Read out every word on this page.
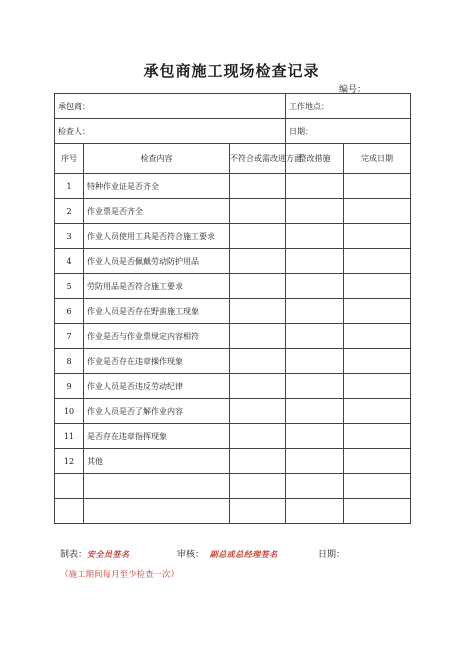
承包商施工现场检查记录
编号：
承包商：			工作地点：	
检查人：			日期：	
序号	检查内容	不符合或需改进方面	整改措施	完成日期
1	特种作业证是否齐全			
2	作业票是否齐全			
3	作业人员使用工具是否符合施工要求			
4	作业人员是否佩戴劳动防护用品			
5	劳防用品是否符合施工要求			
6	作业人员是否存在野蛮施工现象			
7	作业是否与作业票规定内容相符			
8	作业是否存在违章操作现象			
9	作业人员是否违反劳动纪律			
10	作业人员是否了解作业内容			
11	是否存在违章指挥现象			
12	其他			

制表：安全员签名	审核： 副总或总经理签名	日期：
（施工期间每月至少检查一次）
